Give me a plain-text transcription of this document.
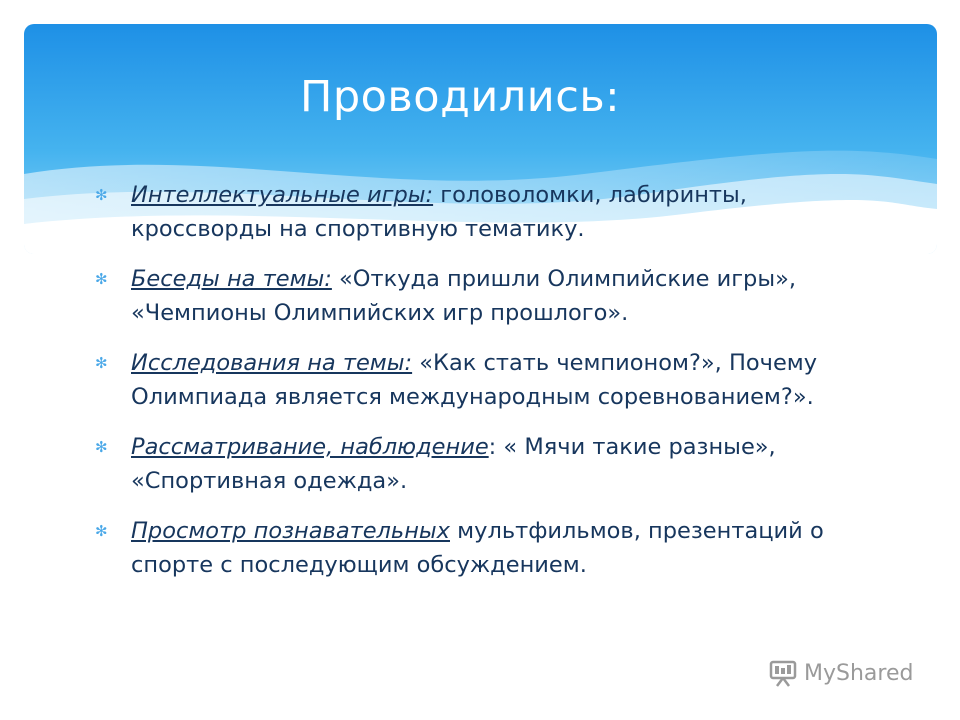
Проводились:
✻ Интеллектуальные игры: головоломки, лабиринты, кроссворды на спортивную тематику.
✻ Беседы на темы: «Откуда пришли Олимпийские игры», «Чемпионы Олимпийских игр прошлого».
✻ Исследования на темы: «Как стать чемпионом?», Почему Олимпиада является международным соревнованием?».
✻ Рассматривание, наблюдение: « Мячи такие разные», «Спортивная одежда».
✻ Просмотр познавательных мультфильмов, презентаций о спорте с последующим обсуждением.
MyShared
